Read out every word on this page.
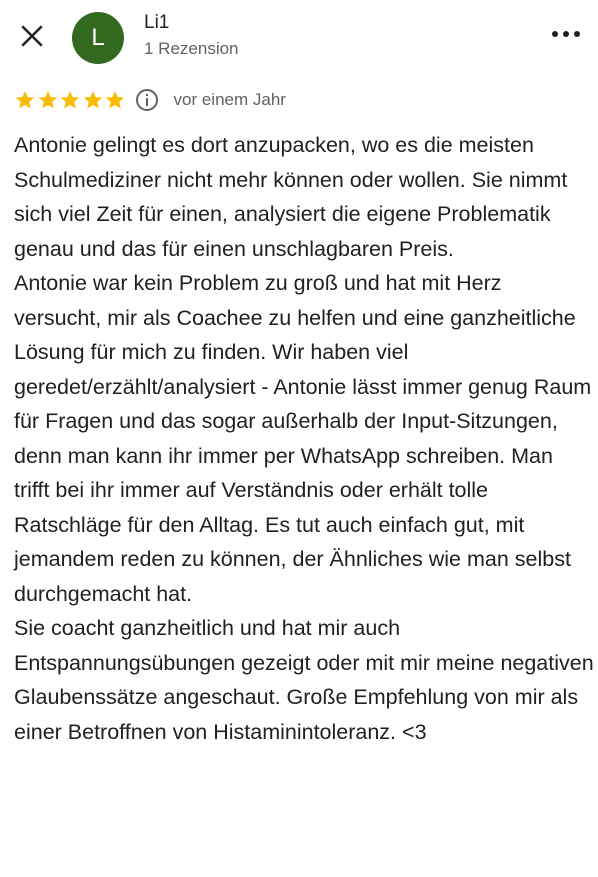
L
Li1
1 Rezension
vor einem Jahr
Antonie gelingt es dort anzupacken, wo es die meisten Schulmediziner nicht mehr können oder wollen. Sie nimmt sich viel Zeit für einen, analysiert die eigene Problematik genau und das für einen unschlagbaren Preis.
Antonie war kein Problem zu groß und hat mit Herz versucht, mir als Coachee zu helfen und eine ganzheitliche Lösung für mich zu finden. Wir haben viel geredet/erzählt/analysiert - Antonie lässt immer genug Raum für Fragen und das sogar außerhalb der Input-Sitzungen, denn man kann ihr immer per WhatsApp schreiben. Man trifft bei ihr immer auf Verständnis oder erhält tolle Ratschläge für den Alltag. Es tut auch einfach gut, mit jemandem reden zu können, der Ähnliches wie man selbst durchgemacht hat.
Sie coacht ganzheitlich und hat mir auch Entspannungsübungen gezeigt oder mit mir meine negativen Glaubenssätze angeschaut. Große Empfehlung von mir als einer Betroffnen von Histaminintoleranz. <3
